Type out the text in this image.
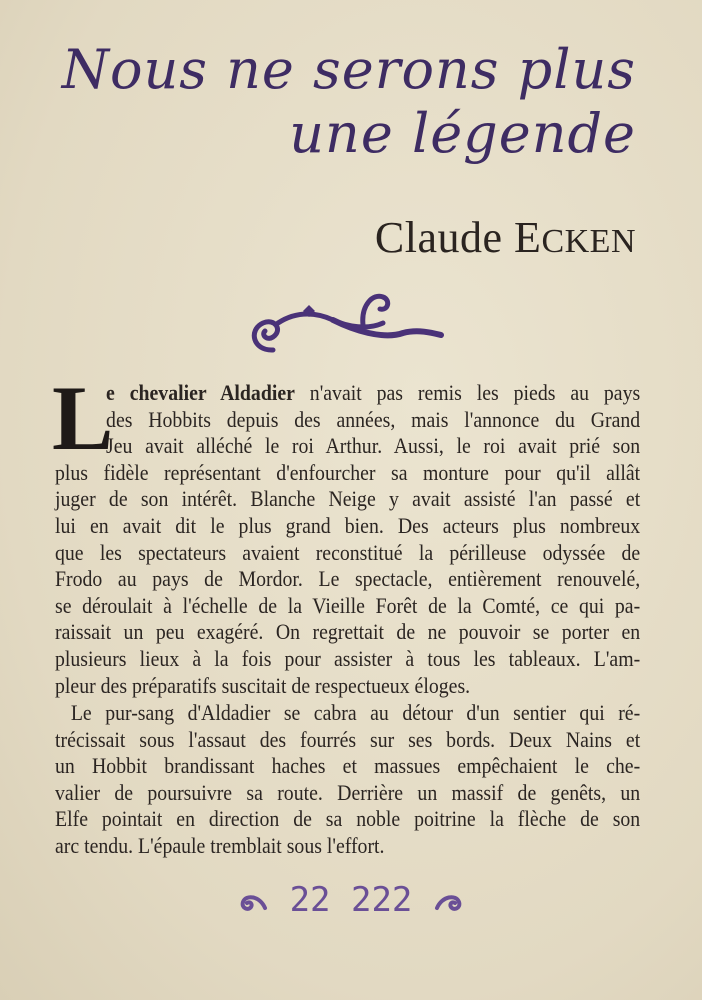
Nous ne serons plus
une légende
Claude ECKEN
L
e chevalier Aldadier n'avait pas remis les pieds au pays
des Hobbits depuis des années, mais l'annonce du Grand
Jeu avait alléché le roi Arthur. Aussi, le roi avait prié son
plus fidèle représentant d'enfourcher sa monture pour qu'il allât
juger de son intérêt. Blanche Neige y avait assisté l'an passé et
lui en avait dit le plus grand bien. Des acteurs plus nombreux
que les spectateurs avaient reconstitué la périlleuse odyssée de
Frodo au pays de Mordor. Le spectacle, entièrement renouvelé,
se déroulait à l'échelle de la Vieille Forêt de la Comté, ce qui pa-
raissait un peu exagéré. On regrettait de ne pouvoir se porter en
plusieurs lieux à la fois pour assister à tous les tableaux. L'am-
pleur des préparatifs suscitait de respectueux éloges.
Le pur-sang d'Aldadier se cabra au détour d'un sentier qui ré-
trécissait sous l'assaut des fourrés sur ses bords. Deux Nains et
un Hobbit brandissant haches et massues empêchaient le che-
valier de poursuivre sa route. Derrière un massif de genêts, un
Elfe pointait en direction de sa noble poitrine la flèche de son
arc tendu. L'épaule tremblait sous l'effort.
22 222
